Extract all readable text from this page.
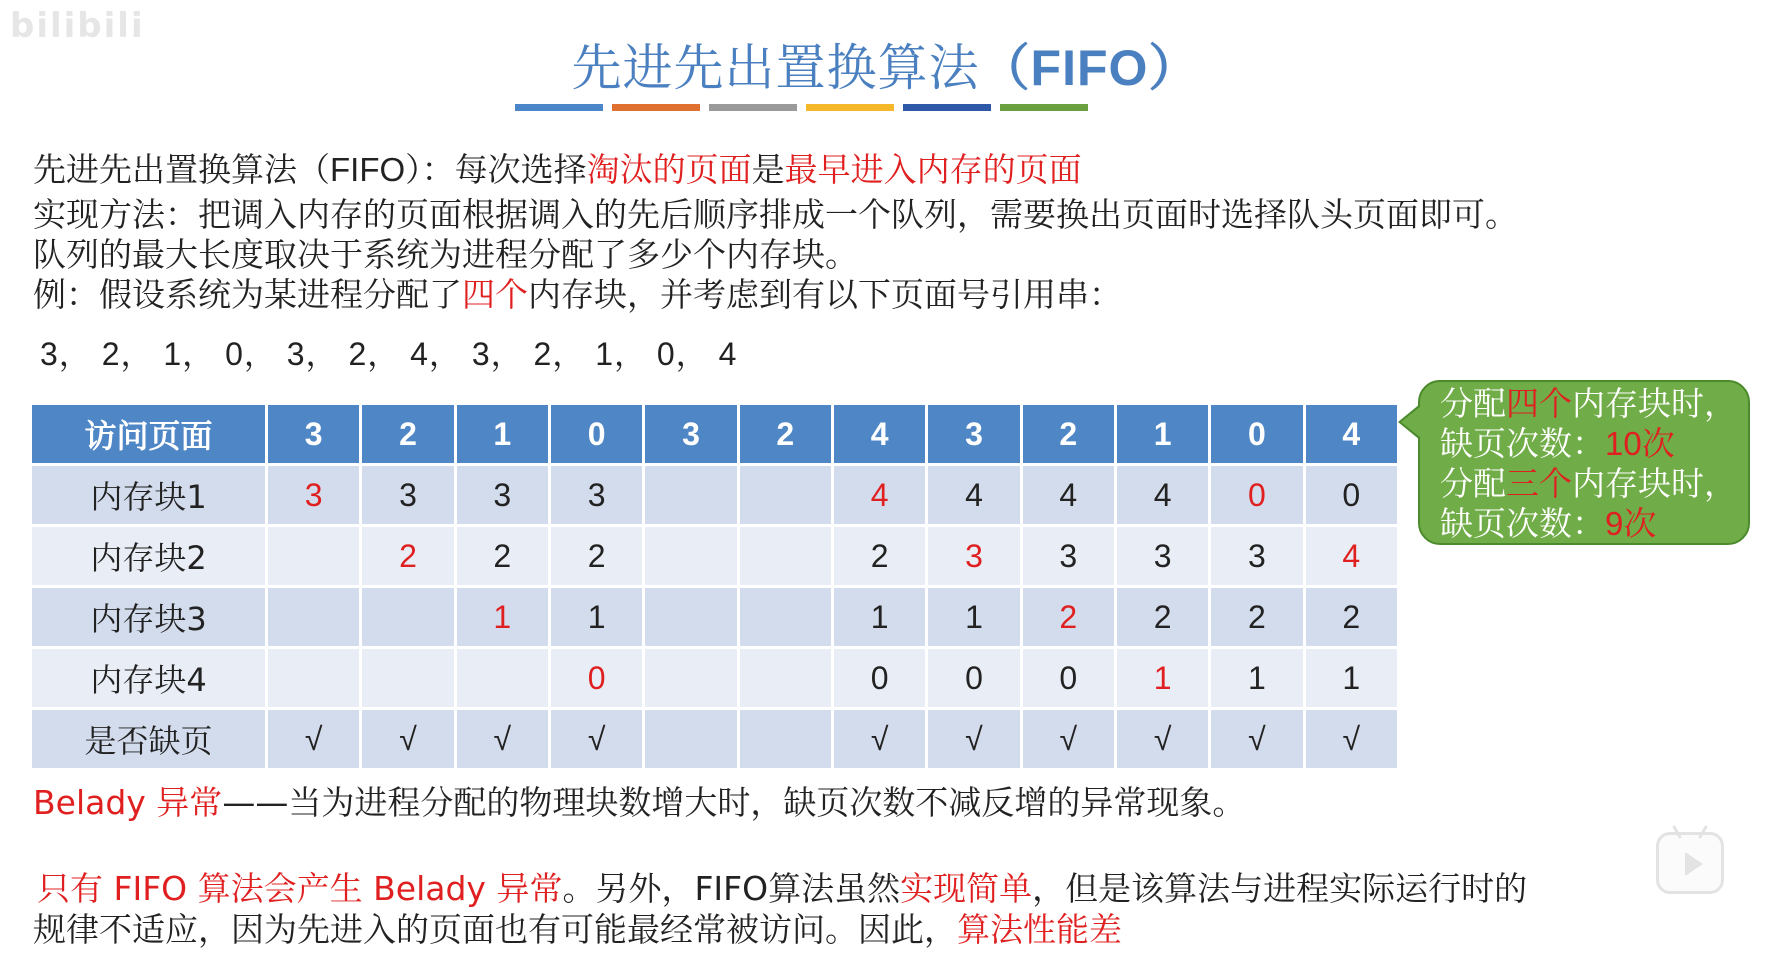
bilibili
先进先出置换算法（FIFO）
先进先出置换算法（FIFO）：每次选择淘汰的页面是最早进入内存的页面
实现方法：把调入内存的页面根据调入的先后顺序排成一个队列，需要换出页面时选择队头页面即可。
队列的最大长度取决于系统为进程分配了多少个内存块。
例：假设系统为某进程分配了四个内存块，并考虑到有以下页面号引用串：
3， 2， 1， 0， 3， 2， 4， 3， 2， 1， 0， 4
访问页面	3	2	1	0	3	2	4	3	2	1	0	4
内存块1	3	3	3	3			4	4	4	4	0	0
内存块2		2	2	2			2	3	3	3	3	4
内存块3			1	1			1	1	2	2	2	2
内存块4				0			0	0	0	1	1	1
是否缺页	√	√	√	√			√	√	√	√	√	√
分配四个内存块时，
缺页次数：10次
分配三个内存块时，
缺页次数：9次
Belady 异常——当为进程分配的物理块数增大时，缺页次数不减反增的异常现象。
只有 FIFO 算法会产生 Belady 异常。另外，FIFO算法虽然实现简单，但是该算法与进程实际运行时的
规律不适应，因为先进入的页面也有可能最经常被访问。因此，算法性能差
